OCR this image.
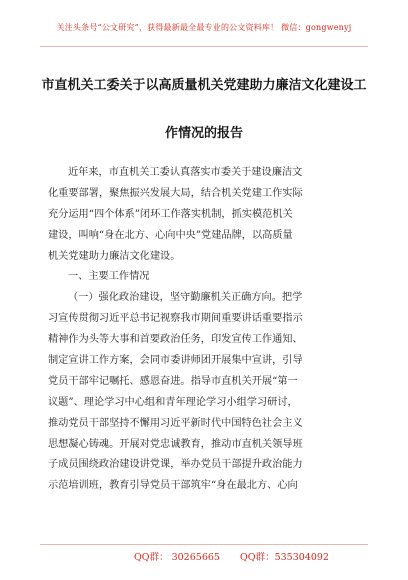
关注头条号“公文研究”，获得最新最全最专业的公文资料库！ 微信：gongwenyj
市直机关工委关于以高质量机关党建助力廉洁文化建设工
作情况的报告
近年来，市直机关工委认真落实市委关于建设廉洁文
化重要部署，聚焦振兴发展大局，结合机关党建工作实际
充分运用“四个体系”闭环工作落实机制，抓实模范机关
建设，叫响“身在北方、心向中央”党建品牌，以高质量
机关党建助力廉洁文化建设。
一、主要工作情况
（一）强化政治建设，坚守勤廉机关正确方向。把学
习宣传贯彻习近平总书记视察我市期间重要讲话重要指示
精神作为头等大事和首要政治任务，印发宣传工作通知、
制定宣讲工作方案，会同市委讲师团开展集中宣讲，引导
党员干部牢记嘱托、感恩奋进。指导市直机关开展“第一
议题”、理论学习中心组和青年理论学习小组学习研讨，
推动党员干部坚持不懈用习近平新时代中国特色社会主义
思想凝心铸魂。开展对党忠诚教育，推动市直机关领导班
子成员围绕政治建设讲党课，举办党员干部提升政治能力
示范培训班，教育引导党员干部筑牢“身在最北方、心向
QQ群： 30265665 QQ群：535304092
